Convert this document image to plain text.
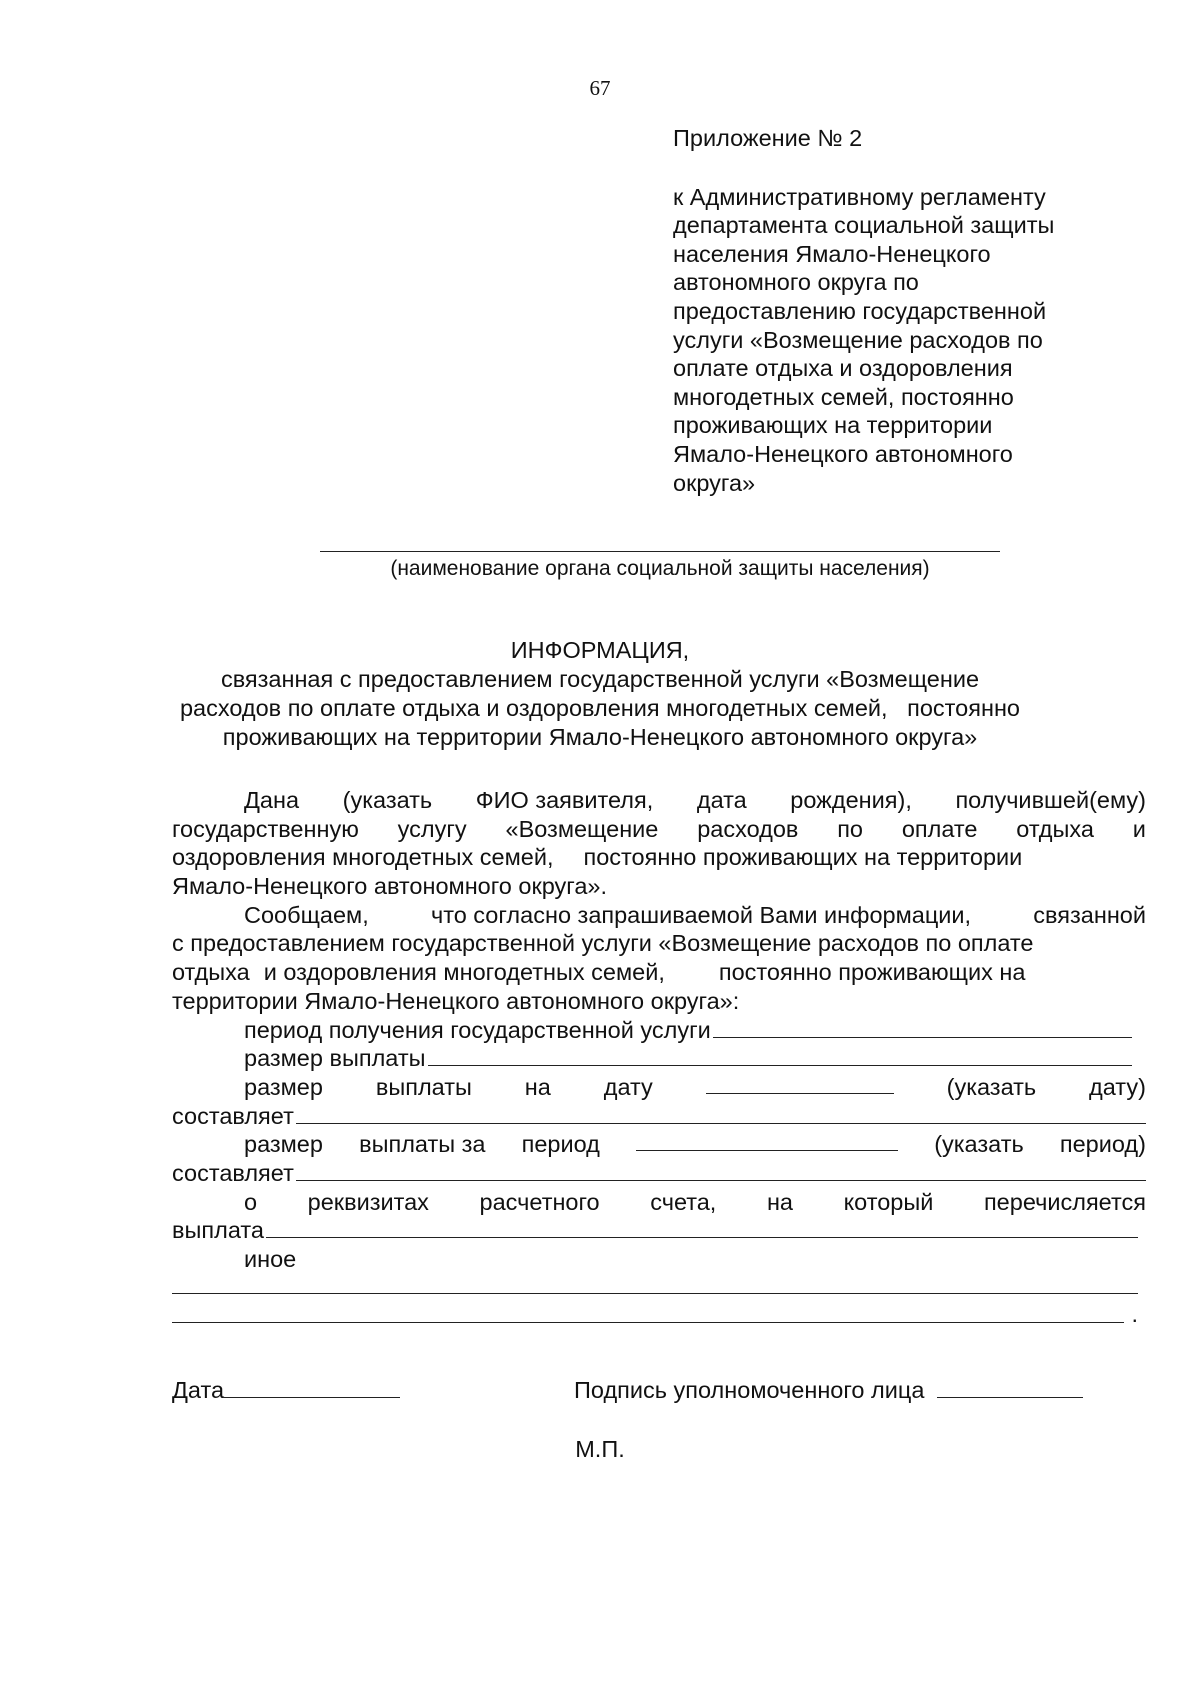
67
Приложение № 2
к Административному регламенту
департамента социальной защиты
населения Ямало-Ненецкого
автономного округа по
предоставлению государственной
услуги «Возмещение расходов по
оплате отдыха и оздоровления
многодетных семей, постоянно
проживающих на территории
Ямало-Ненецкого автономного
округа»
(наименование органа социальной защиты населения)
ИНФОРМАЦИЯ,
связанная с предоставлением государственной услуги «Возмещение
расходов по оплате отдыха и оздоровления многодетных семей,   постоянно
проживающих на территории Ямало-Ненецкого автономного округа»
Дана (указать ФИО заявителя, дата рождения), получившей(ему)
государственную услугу «Возмещение расходов по оплате отдыха и
оздоровления многодетных семей, постоянно проживающих на территории
Ямало-Ненецкого автономного округа».
Сообщаем,	что согласно запрашиваемой Вами информации,	связанной
с предоставлением государственной услуги «Возмещение расходов по оплате
отдыха и оздоровления многодетных семей, постоянно проживающих на
территории Ямало-Ненецкого автономного округа»:
период получения государственной услуги
размер выплаты
размер выплаты на дату	(указать дату)
составляет
размер выплаты за период	(указать период)
составляет
о реквизитах расчетного счета, на который перечисляется
выплата
иное
.
Дата	Подпись уполномоченного лица
М.П.
